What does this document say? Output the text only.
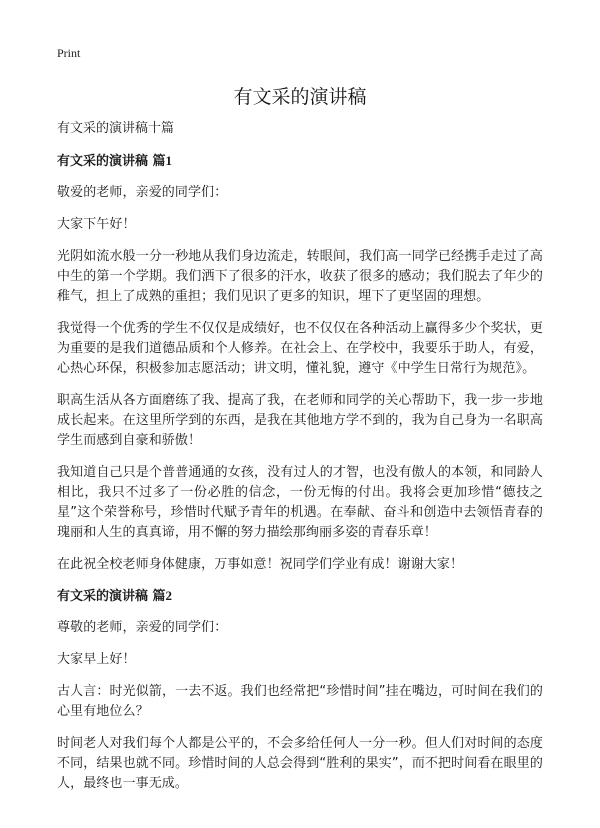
Print
有文采的演讲稿

有文采的演讲稿十篇

有文采的演讲稿 篇1

敬爱的老师，亲爱的同学们：

大家下午好！

光阴如流水般一分一秒地从我们身边流走，转眼间，我们高一同学已经携手走过了高中生的第一个学期。我们洒下了很多的汗水，收获了很多的感动；我们脱去了年少的稚气，担上了成熟的重担；我们见识了更多的知识，埋下了更坚固的理想。

我觉得一个优秀的学生不仅仅是成绩好，也不仅仅在各种活动上赢得多少个奖状，更为重要的是我们道德品质和个人修养。在社会上、在学校中，我要乐于助人，有爱，心热心环保，积极参加志愿活动；讲文明，懂礼貌，遵守《中学生日常行为规范》。

职高生活从各方面磨练了我、提高了我，在老师和同学的关心帮助下，我一步一步地成长起来。在这里所学到的东西，是我在其他地方学不到的，我为自己身为一名职高学生而感到自豪和骄傲！

我知道自己只是个普普通通的女孩，没有过人的才智，也没有傲人的本领，和同龄人相比，我只不过多了一份必胜的信念，一份无悔的付出。我将会更加珍惜“德技之星”这个荣誉称号，珍惜时代赋予青年的机遇。在奉献、奋斗和创造中去领悟青春的瑰丽和人生的真真谛，用不懈的努力描绘那绚丽多姿的青春乐章！

在此祝全校老师身体健康，万事如意！祝同学们学业有成！谢谢大家！

有文采的演讲稿 篇2

尊敬的老师，亲爱的同学们：

大家早上好！

古人言：时光似箭，一去不返。我们也经常把“珍惜时间”挂在嘴边，可时间在我们的心里有地位么？

时间老人对我们每个人都是公平的，不会多给任何人一分一秒。但人们对时间的态度不同，结果也就不同。珍惜时间的人总会得到“胜利的果实”，而不把时间看在眼里的人，最终也一事无成。
